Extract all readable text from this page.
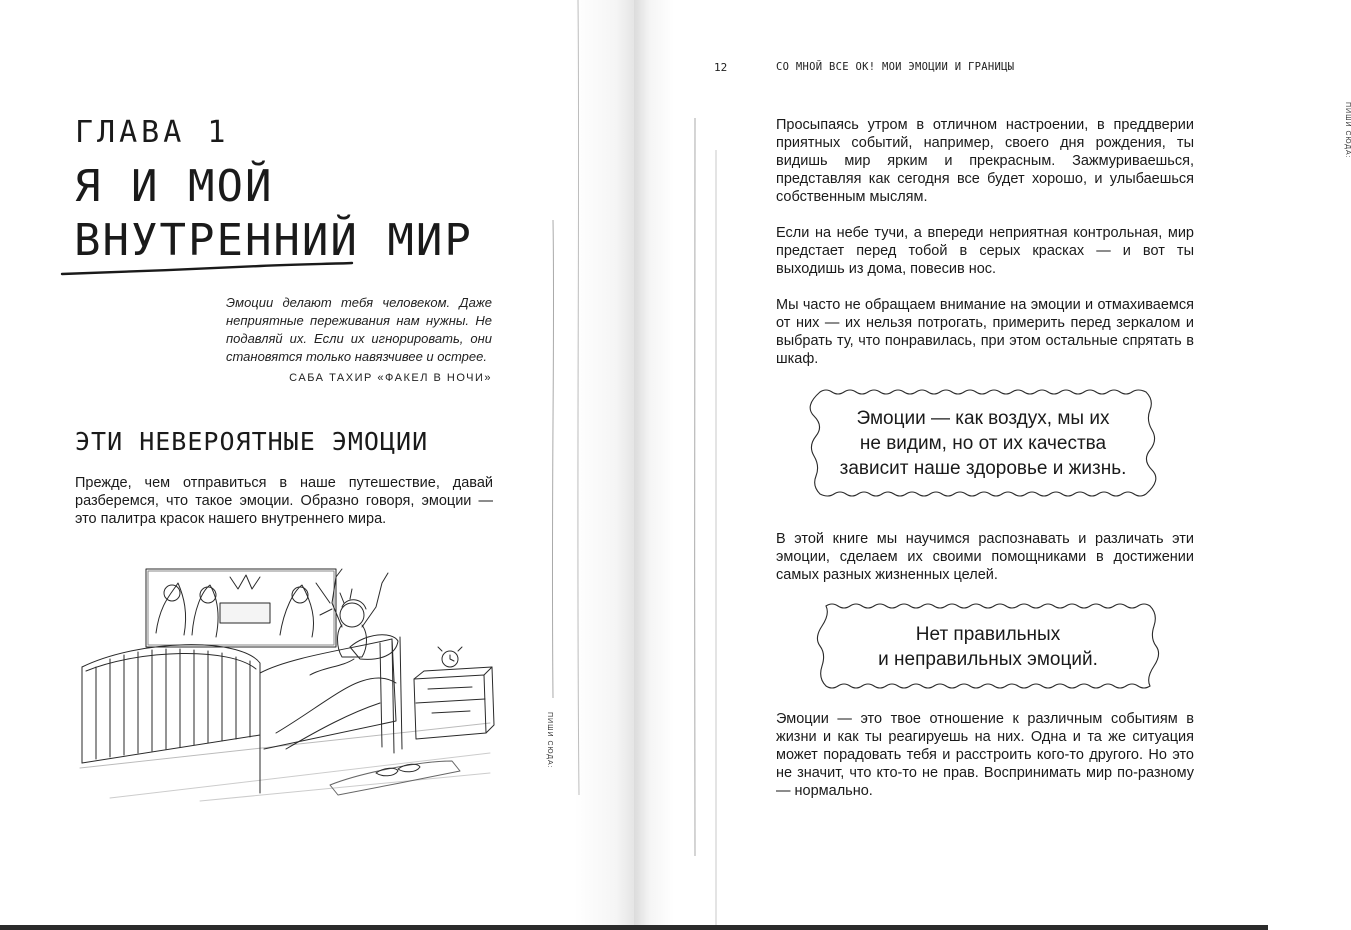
ГЛАВА 1
Я И МОЙ
ВНУТРЕННИЙ МИР
Эмоции делают тебя человеком. Даже неприятные переживания нам нужны. Не подавляй их. Если их игнорировать, они становятся только навязчивее и острее.
САБА ТАХИР «ФАКЕЛ В НОЧИ»
ЭТИ НЕВЕРОЯТНЫЕ ЭМОЦИИ
Прежде, чем отправиться в наше путешествие, давай разберемся, что такое эмоции. Образно говоря, эмоции — это палитра красок нашего внутреннего мира.
ПИШИ СЮДА:
12	СО МНОЙ ВСЕ ОК! МОИ ЭМОЦИИ И ГРАНИЦЫ
ПИШИ СЮДА:
Просыпаясь утром в отличном настроении, в преддверии приятных событий, например, своего дня рождения, ты видишь мир ярким и прекрасным. Зажмуриваешься, представляя как сегодня все будет хорошо, и улыбаешься собственным мыслям.
Если на небе тучи, а впереди неприятная контрольная, мир предстает перед тобой в серых красках — и вот ты выходишь из дома, повесив нос.
Мы часто не обращаем внимание на эмоции и отмахиваемся от них — их нельзя потрогать, примерить перед зеркалом и выбрать ту, что понравилась, при этом остальные спрятать в шкаф.
Эмоции — как воздух, мы их
не видим, но от их качества
зависит наше здоровье и жизнь.
В этой книге мы научимся распознавать и различать эти эмоции, сделаем их своими помощниками в достижении самых разных жизненных целей.
Нет правильных
и неправильных эмоций.
Эмоции — это твое отношение к различным событиям в жизни и как ты реагируешь на них. Одна и та же ситуация может порадовать тебя и расстроить кого-то другого. Но это не значит, что кто-то не прав. Воспринимать мир по-разному — нормально.
